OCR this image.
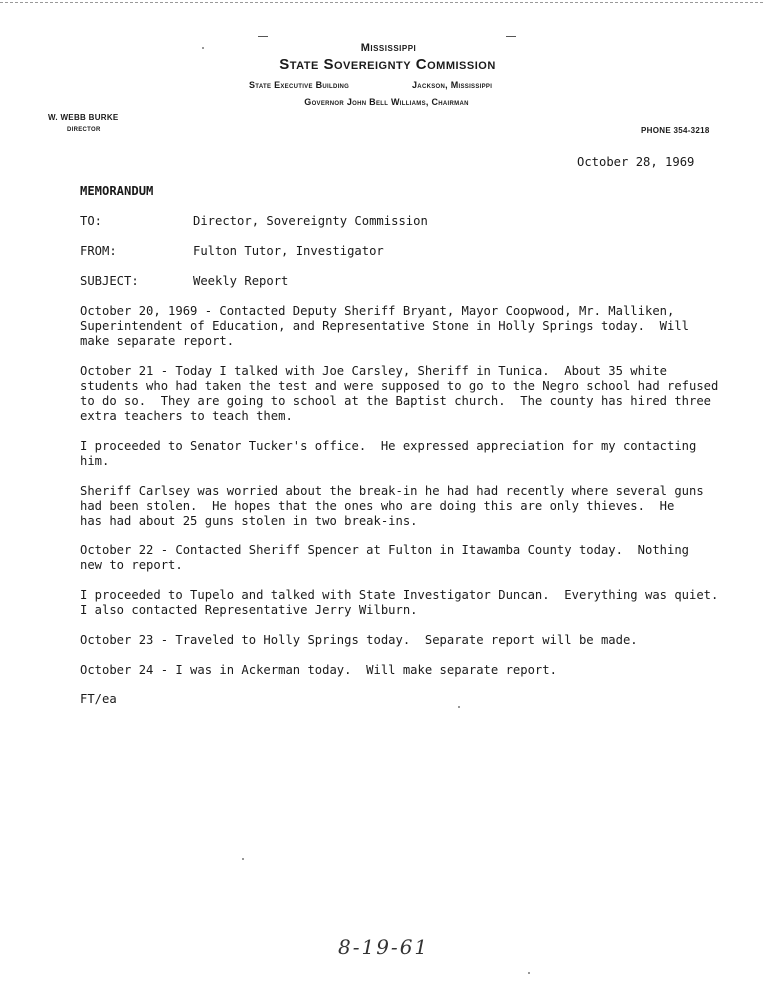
Mississippi
State Sovereignty Commission
State Executive Building	Jackson, Mississippi
Governor John Bell Williams, Chairman
W. WEBB BURKE
DIRECTOR	PHONE 354-3218
October 28, 1969
MEMORANDUM
TO:	Director, Sovereignty Commission
FROM:	Fulton Tutor, Investigator
SUBJECT:	Weekly Report
October 20, 1969 - Contacted Deputy Sheriff Bryant, Mayor Coopwood, Mr. Malliken,
Superintendent of Education, and Representative Stone in Holly Springs today.  Will
make separate report.
October 21 - Today I talked with Joe Carsley, Sheriff in Tunica.  About 35 white
students who had taken the test and were supposed to go to the Negro school had refused
to do so.  They are going to school at the Baptist church.  The county has hired three
extra teachers to teach them.
I proceeded to Senator Tucker's office.  He expressed appreciation for my contacting
him.
Sheriff Carlsey was worried about the break-in he had had recently where several guns
had been stolen.  He hopes that the ones who are doing this are only thieves.  He
has had about 25 guns stolen in two break-ins.
October 22 - Contacted Sheriff Spencer at Fulton in Itawamba County today.  Nothing
new to report.
I proceeded to Tupelo and talked with State Investigator Duncan.  Everything was quiet.
I also contacted Representative Jerry Wilburn.
October 23 - Traveled to Holly Springs today.  Separate report will be made.
October 24 - I was in Ackerman today.  Will make separate report.
FT/ea
8-19-61
